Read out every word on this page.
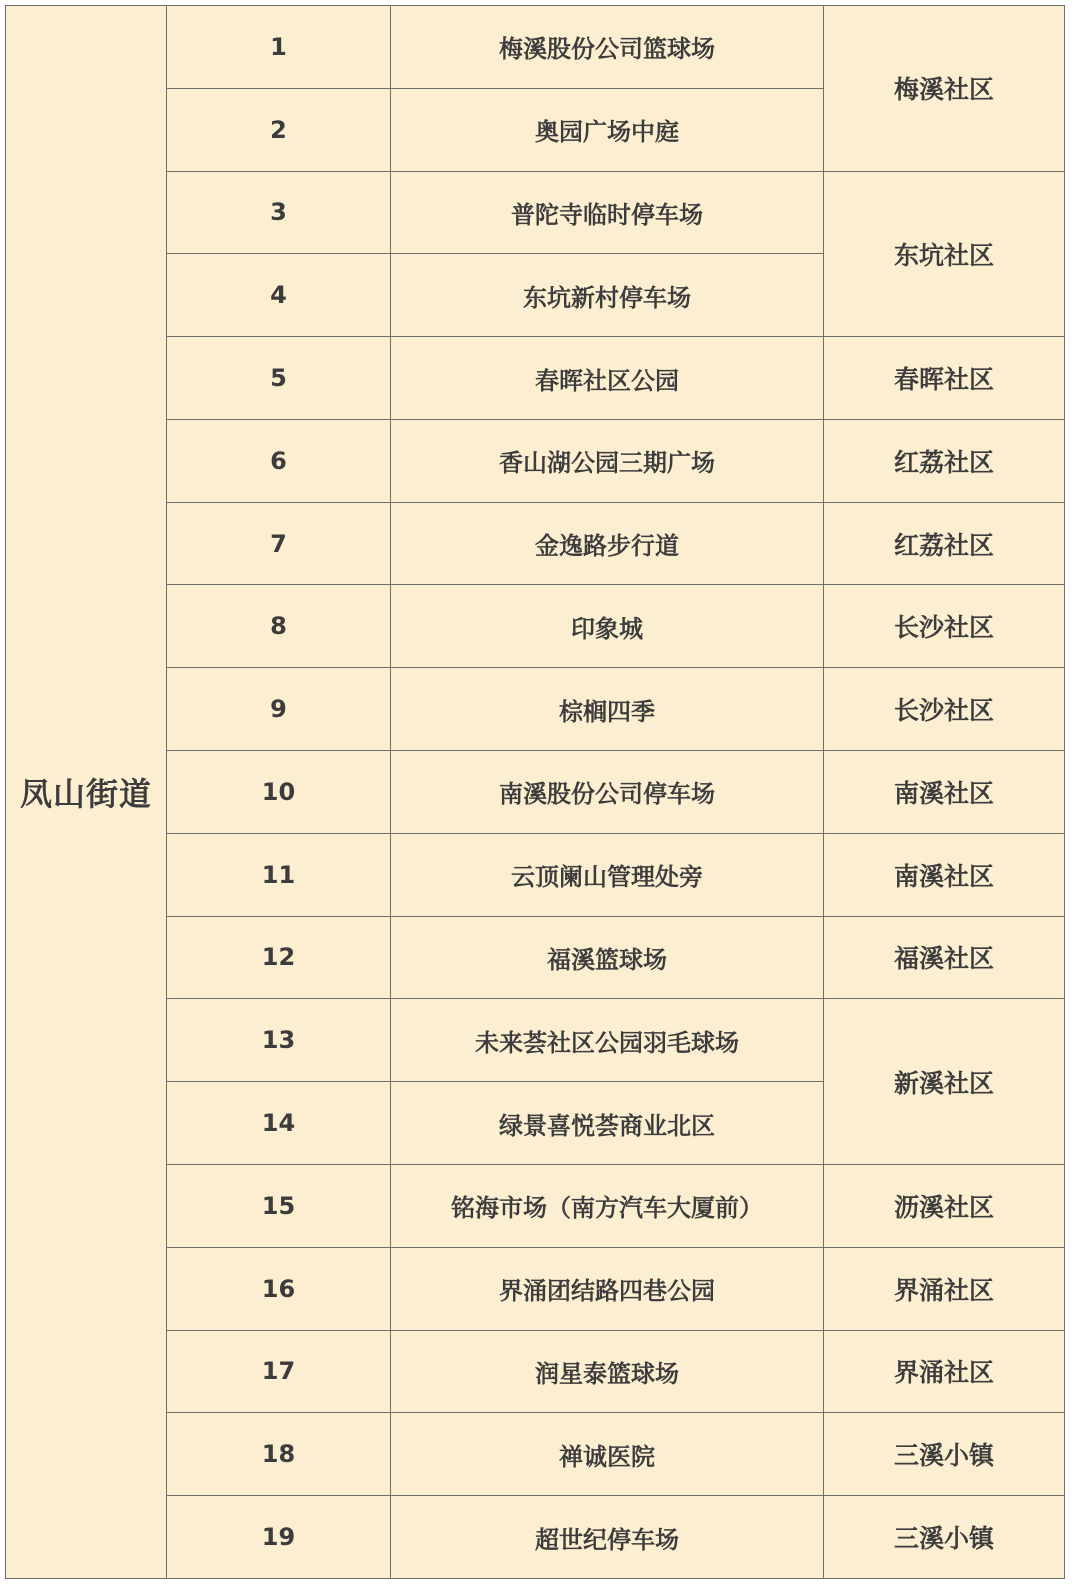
凤山街道	1	梅溪股份公司篮球场	梅溪社区
	2	奥园广场中庭	
	3	普陀寺临时停车场	东坑社区
	4	东坑新村停车场	
	5	春晖社区公园	春晖社区
	6	香山湖公园三期广场	红荔社区
	7	金逸路步行道	红荔社区
	8	印象城	长沙社区
	9	棕榈四季	长沙社区
	10	南溪股份公司停车场	南溪社区
	11	云顶阑山管理处旁	南溪社区
	12	福溪篮球场	福溪社区
	13	未来荟社区公园羽毛球场	新溪社区
	14	绿景喜悦荟商业北区	
	15	铭海市场（南方汽车大厦前）	沥溪社区
	16	界涌团结路四巷公园	界涌社区
	17	润星泰篮球场	界涌社区
	18	禅诚医院	三溪小镇
	19	超世纪停车场	三溪小镇
